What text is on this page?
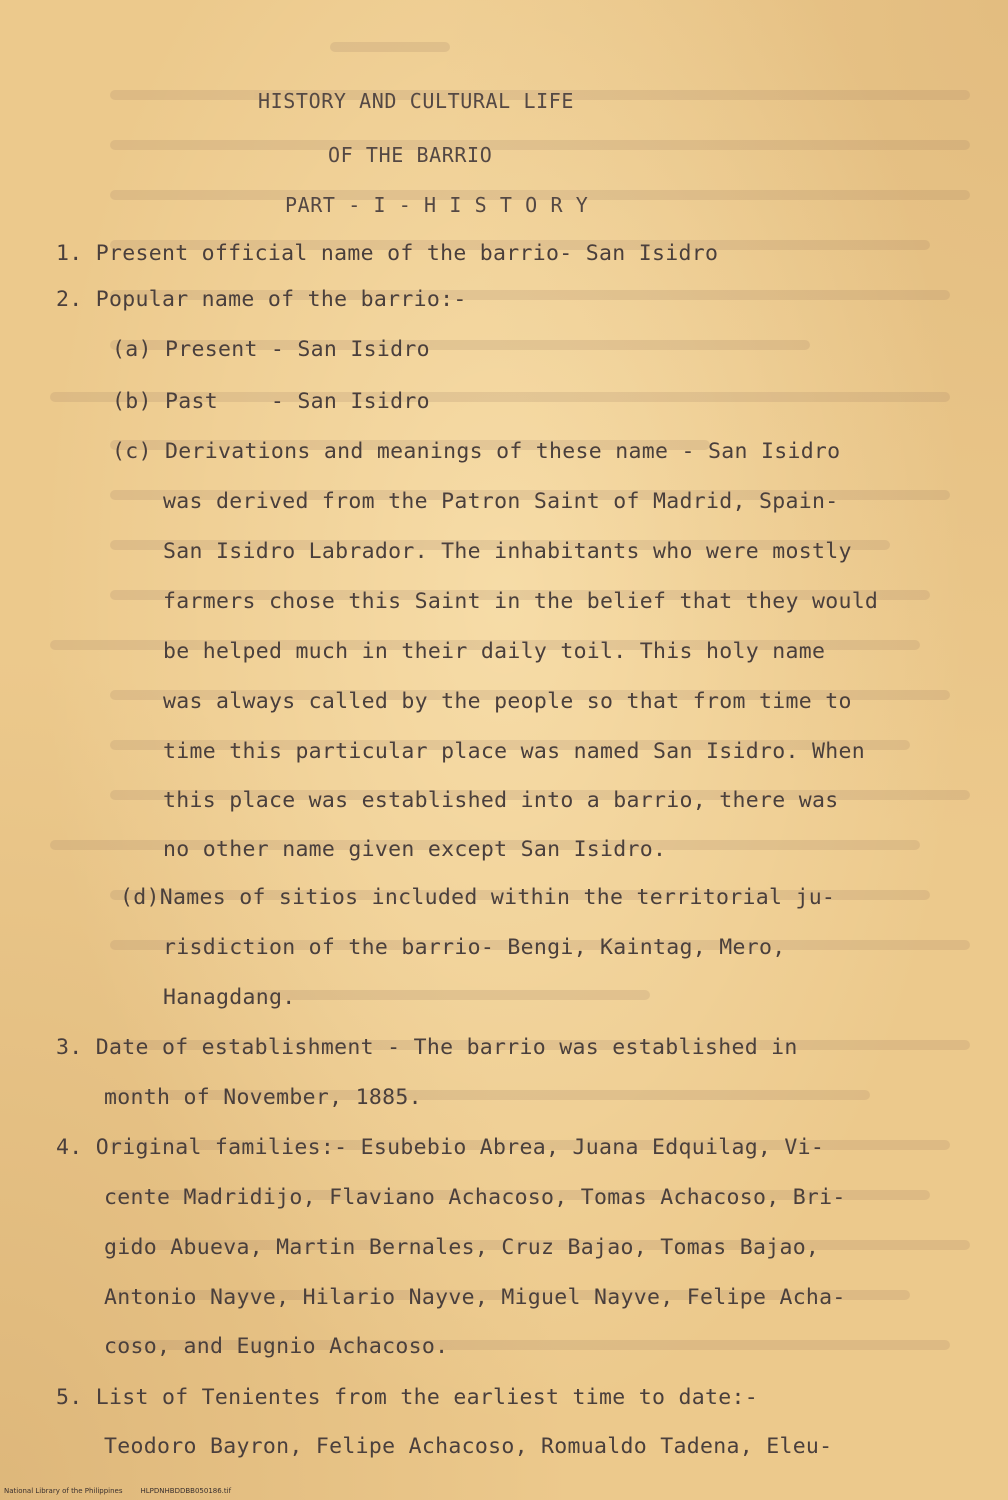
HISTORY AND CULTURAL LIFE
OF THE BARRIO
PART - I - H I S T O R Y
1. Present official name of the barrio- San Isidro
2. Popular name of the barrio:-
(a) Present - San Isidro
(b) Past    - San Isidro
(c) Derivations and meanings of these name - San Isidro
was derived from the Patron Saint of Madrid, Spain-
San Isidro Labrador. The inhabitants who were mostly
farmers chose this Saint in the belief that they would
be helped much in their daily toil. This holy name
was always called by the people so that from time to
time this particular place was named San Isidro. When
this place was established into a barrio, there was
no other name given except San Isidro.
(d)Names of sitios included within the territorial ju-
risdiction of the barrio- Bengi, Kaintag, Mero,
Hanagdang.
3. Date of establishment - The barrio was established in
month of November, 1885.
4. Original families:- Esubebio Abrea, Juana Edquilag, Vi-
cente Madridijo, Flaviano Achacoso, Tomas Achacoso, Bri-
gido Abueva, Martin Bernales, Cruz Bajao, Tomas Bajao,
Antonio Nayve, Hilario Nayve, Miguel Nayve, Felipe Acha-
coso, and Eugnio Achacoso.
5. List of Tenientes from the earliest time to date:-
Teodoro Bayron, Felipe Achacoso, Romualdo Tadena, Eleu-
National Library of the Philippines	HLPDNHBDDBB050186.tif
